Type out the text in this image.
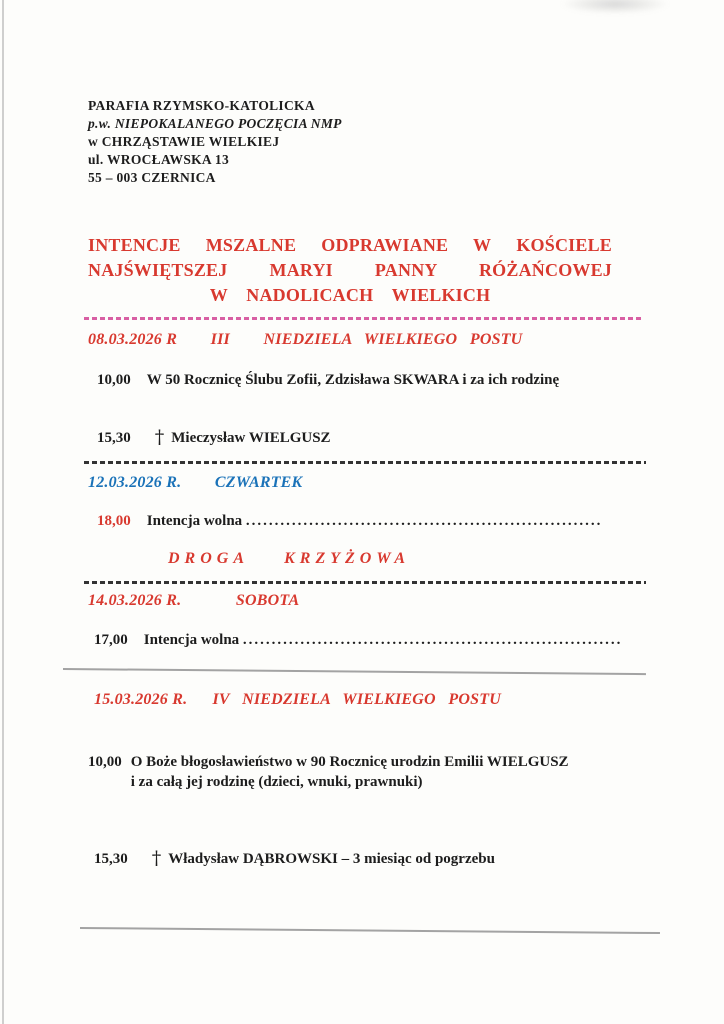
PARAFIA RZYMSKO-KATOLICKA
p.w. NIEPOKALANEGO POCZĘCIA NMP
w CHRZĄSTAWIE WIELKIEJ
ul. WROCŁAWSKA 13
55 – 003 CZERNICA
INTENCJE MSZALNE ODPRAWIANE W KOŚCIELE
NAJŚWIĘTSZEJ MARYI PANNY RÓŻAŃCOWEJ
W NADOLICACH WIELKICH
08.03.2026 R        III        NIEDZIELA   WIELKIEGO   POSTU
10,00 W 50 Rocznicę Ślubu Zofii, Zdzisława SKWARA i za ich rodzinę
15,30 † Mieczysław WIELGUSZ
12.03.2026 R.        CZWARTEK
18,00 Intencja wolna ..............................................................
DROGA  KRZYŻOWA
14.03.2026 R.             SOBOTA
17,00 Intencja wolna ..................................................................
15.03.2026 R.      IV   NIEDZIELA   WIELKIEGO   POSTU
10,00 O Boże błogosławieństwo w 90 Rocznicę urodzin Emilii WIELGUSZ
i za całą jej rodzinę (dzieci, wnuki, prawnuki)
15,30 † Władysław DĄBROWSKI – 3 miesiąc od pogrzebu
